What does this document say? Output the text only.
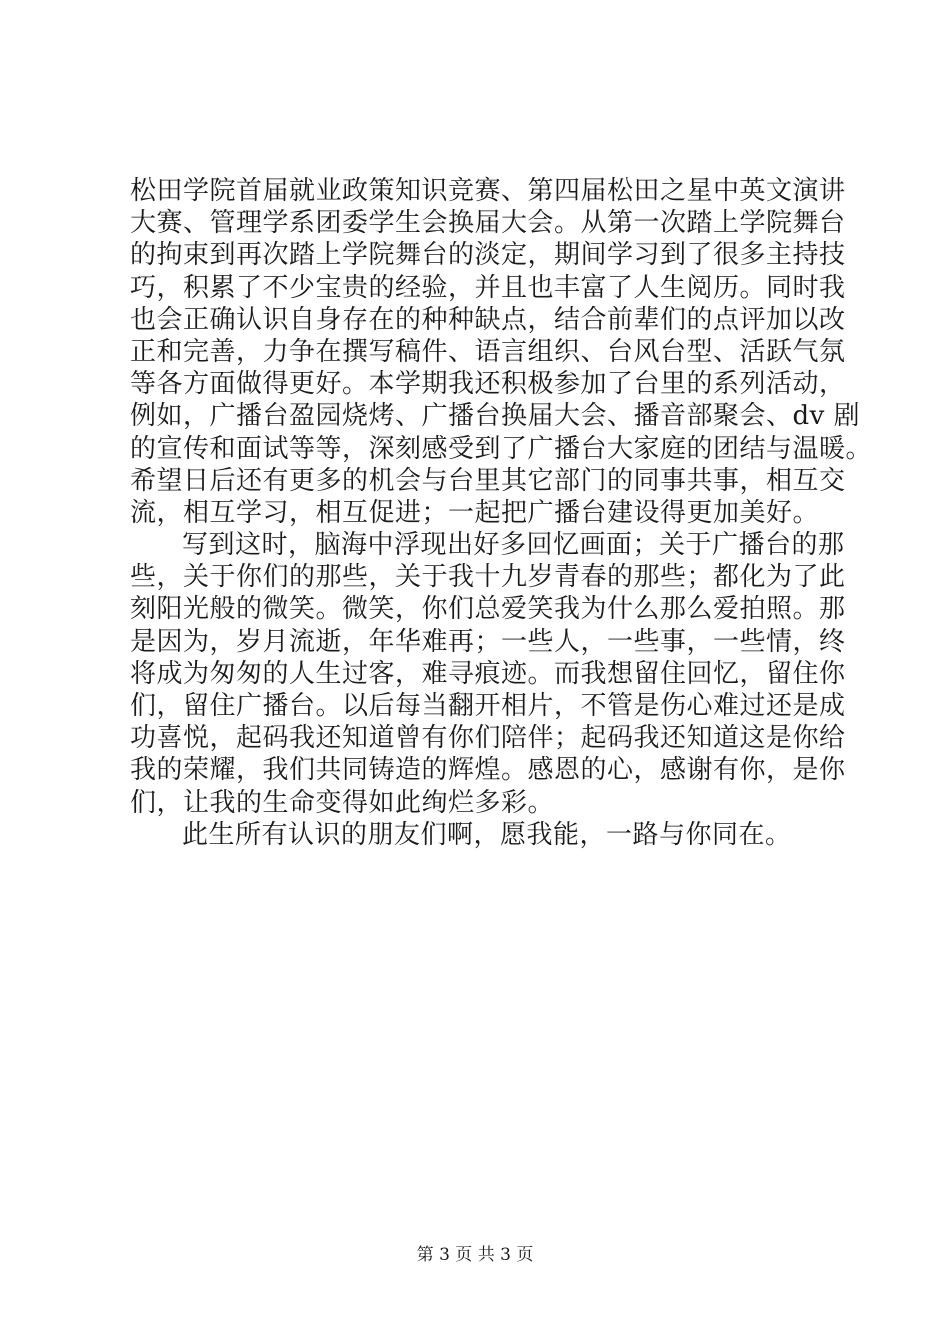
松田学院首届就业政策知识竞赛、第四届松田之星中英文演讲
大赛、管理学系团委学生会换届大会。从第一次踏上学院舞台
的拘束到再次踏上学院舞台的淡定，期间学习到了很多主持技
巧，积累了不少宝贵的经验，并且也丰富了人生阅历。同时我
也会正确认识自身存在的种种缺点，结合前辈们的点评加以改
正和完善，力争在撰写稿件、语言组织、台风台型、活跃气氛
等各方面做得更好。本学期我还积极参加了台里的系列活动，
例如，广播台盈园烧烤、广播台换届大会、播音部聚会、dv 剧
的宣传和面试等等，深刻感受到了广播台大家庭的团结与温暖。
希望日后还有更多的机会与台里其它部门的同事共事，相互交
流，相互学习，相互促进；一起把广播台建设得更加美好。
写到这时，脑海中浮现出好多回忆画面；关于广播台的那
些，关于你们的那些，关于我十九岁青春的那些；都化为了此
刻阳光般的微笑。微笑，你们总爱笑我为什么那么爱拍照。那
是因为，岁月流逝，年华难再；一些人，一些事，一些情，终
将成为匆匆的人生过客，难寻痕迹。而我想留住回忆，留住你
们，留住广播台。以后每当翻开相片，不管是伤心难过还是成
功喜悦，起码我还知道曾有你们陪伴；起码我还知道这是你给
我的荣耀，我们共同铸造的辉煌。感恩的心，感谢有你，是你
们，让我的生命变得如此绚烂多彩。
此生所有认识的朋友们啊，愿我能，一路与你同在。
第 3 页 共 3 页
